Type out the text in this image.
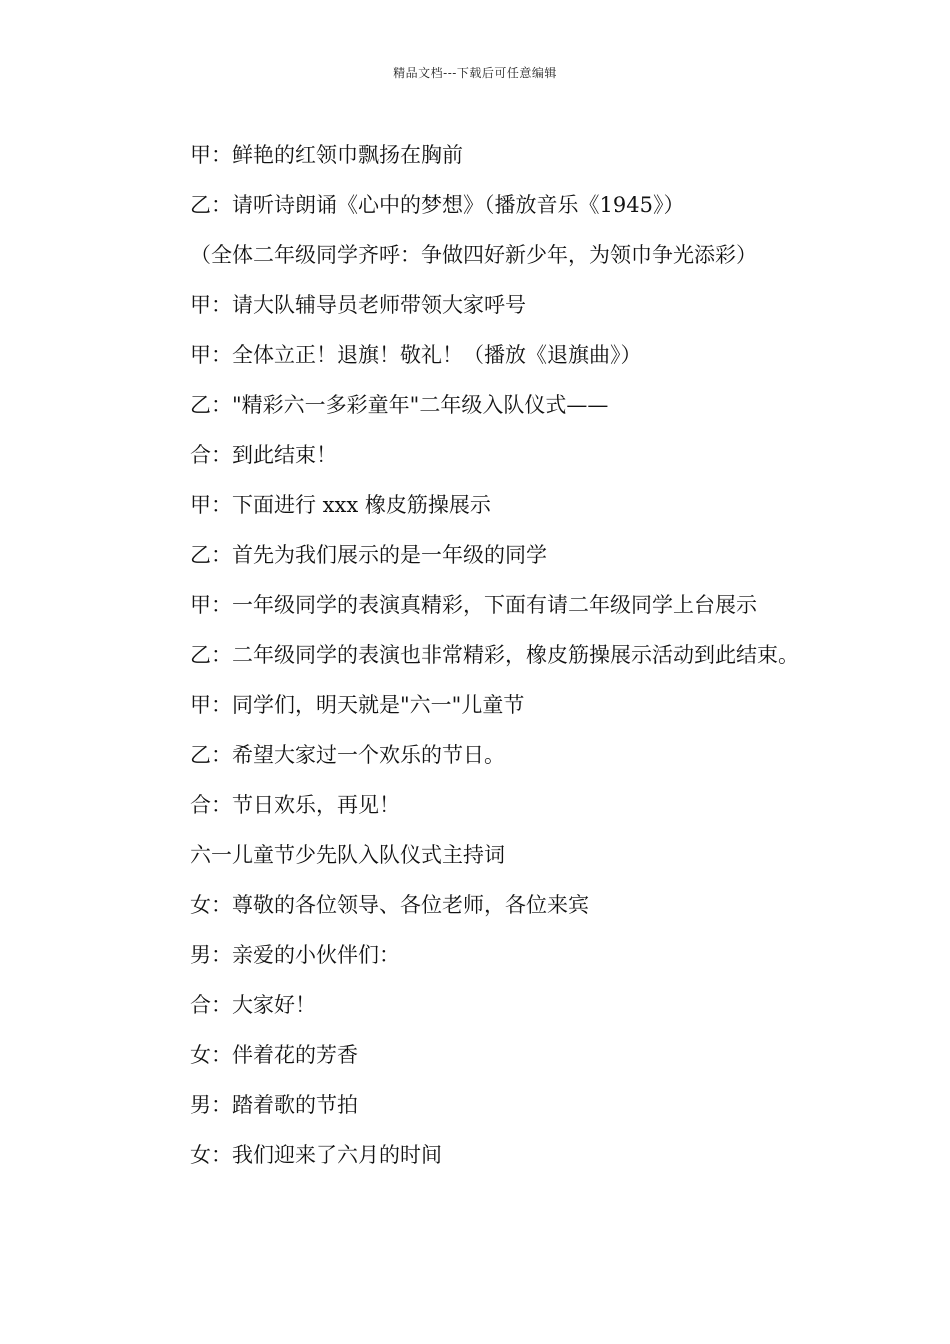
精品文档---下载后可任意编辑

甲：鲜艳的红领巾飘扬在胸前

乙：请听诗朗诵《心中的梦想》（播放音乐《1945》）

（全体二年级同学齐呼：争做四好新少年，为领巾争光添彩）

甲：请大队辅导员老师带领大家呼号

甲：全体立正！退旗！敬礼！（播放《退旗曲》）

乙："精彩六一多彩童年"二年级入队仪式——

合：到此结束！

甲：下面进行 xxx 橡皮筋操展示

乙：首先为我们展示的是一年级的同学

甲：一年级同学的表演真精彩，下面有请二年级同学上台展示

乙：二年级同学的表演也非常精彩，橡皮筋操展示活动到此结束。

甲：同学们，明天就是"六一"儿童节

乙：希望大家过一个欢乐的节日。

合：节日欢乐，再见！

六一儿童节少先队入队仪式主持词

女：尊敬的各位领导、各位老师，各位来宾

男：亲爱的小伙伴们：

合：大家好！

女：伴着花的芳香

男：踏着歌的节拍

女：我们迎来了六月的时间
